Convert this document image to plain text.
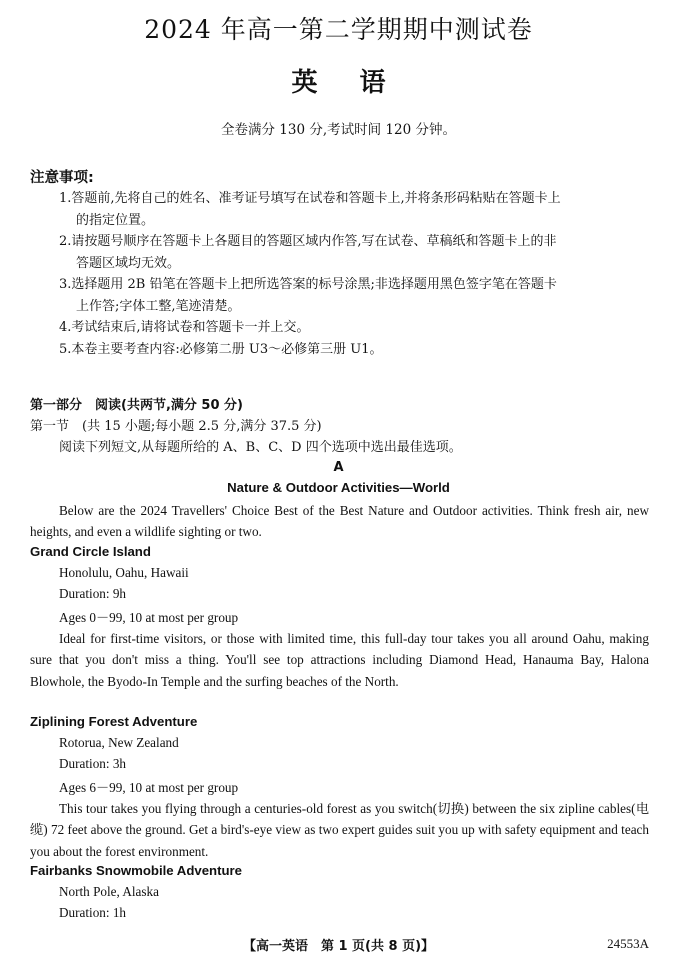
2024 年高一第二学期期中测试卷
英语
全卷满分 130 分,考试时间 120 分钟。
注意事项:
1.答题前,先将自己的姓名、准考证号填写在试卷和答题卡上,并将条形码粘贴在答题卡上
的指定位置。
2.请按题号顺序在答题卡上各题目的答题区域内作答,写在试卷、草稿纸和答题卡上的非
答题区域均无效。
3.选择题用 2B 铅笔在答题卡上把所选答案的标号涂黑;非选择题用黑色签字笔在答题卡
上作答;字体工整,笔迹清楚。
4.考试结束后,请将试卷和答题卡一并上交。
5.本卷主要考查内容:必修第二册 U3～必修第三册 U1。
第一部分　阅读(共两节,满分 50 分)
第一节　(共 15 小题;每小题 2.5 分,满分 37.5 分)
阅读下列短文,从每题所给的 A、B、C、D 四个选项中选出最佳选项。
A
Nature & Outdoor Activities—World

Below are the 2024 Travellers' Choice Best of the Best Nature and Outdoor activities. Think fresh air, new heights, and even a wildlife sighting or two.

Grand Circle Island
Honolulu, Oahu, Hawaii
Duration: 9h
Ages 0－99, 10 at most per group

Ideal for first-time visitors, or those with limited time, this full-day tour takes you all around Oahu, making sure that you don't miss a thing. You'll see top attractions including Diamond Head, Hanauma Bay, Halona Blowhole, the Byodo-In Temple and the surfing beaches of the North.

Ziplining Forest Adventure
Rotorua, New Zealand
Duration: 3h
Ages 6－99, 10 at most per group

This tour takes you flying through a centuries-old forest as you switch(切换) between the six zipline cables(电缆) 72 feet above the ground. Get a bird's-eye view as two expert guides suit you up with safety equipment and teach you about the forest environment.

Fairbanks Snowmobile Adventure
North Pole, Alaska
Duration: 1h
【高一英语　第 1 页(共 8 页)】	24553A
